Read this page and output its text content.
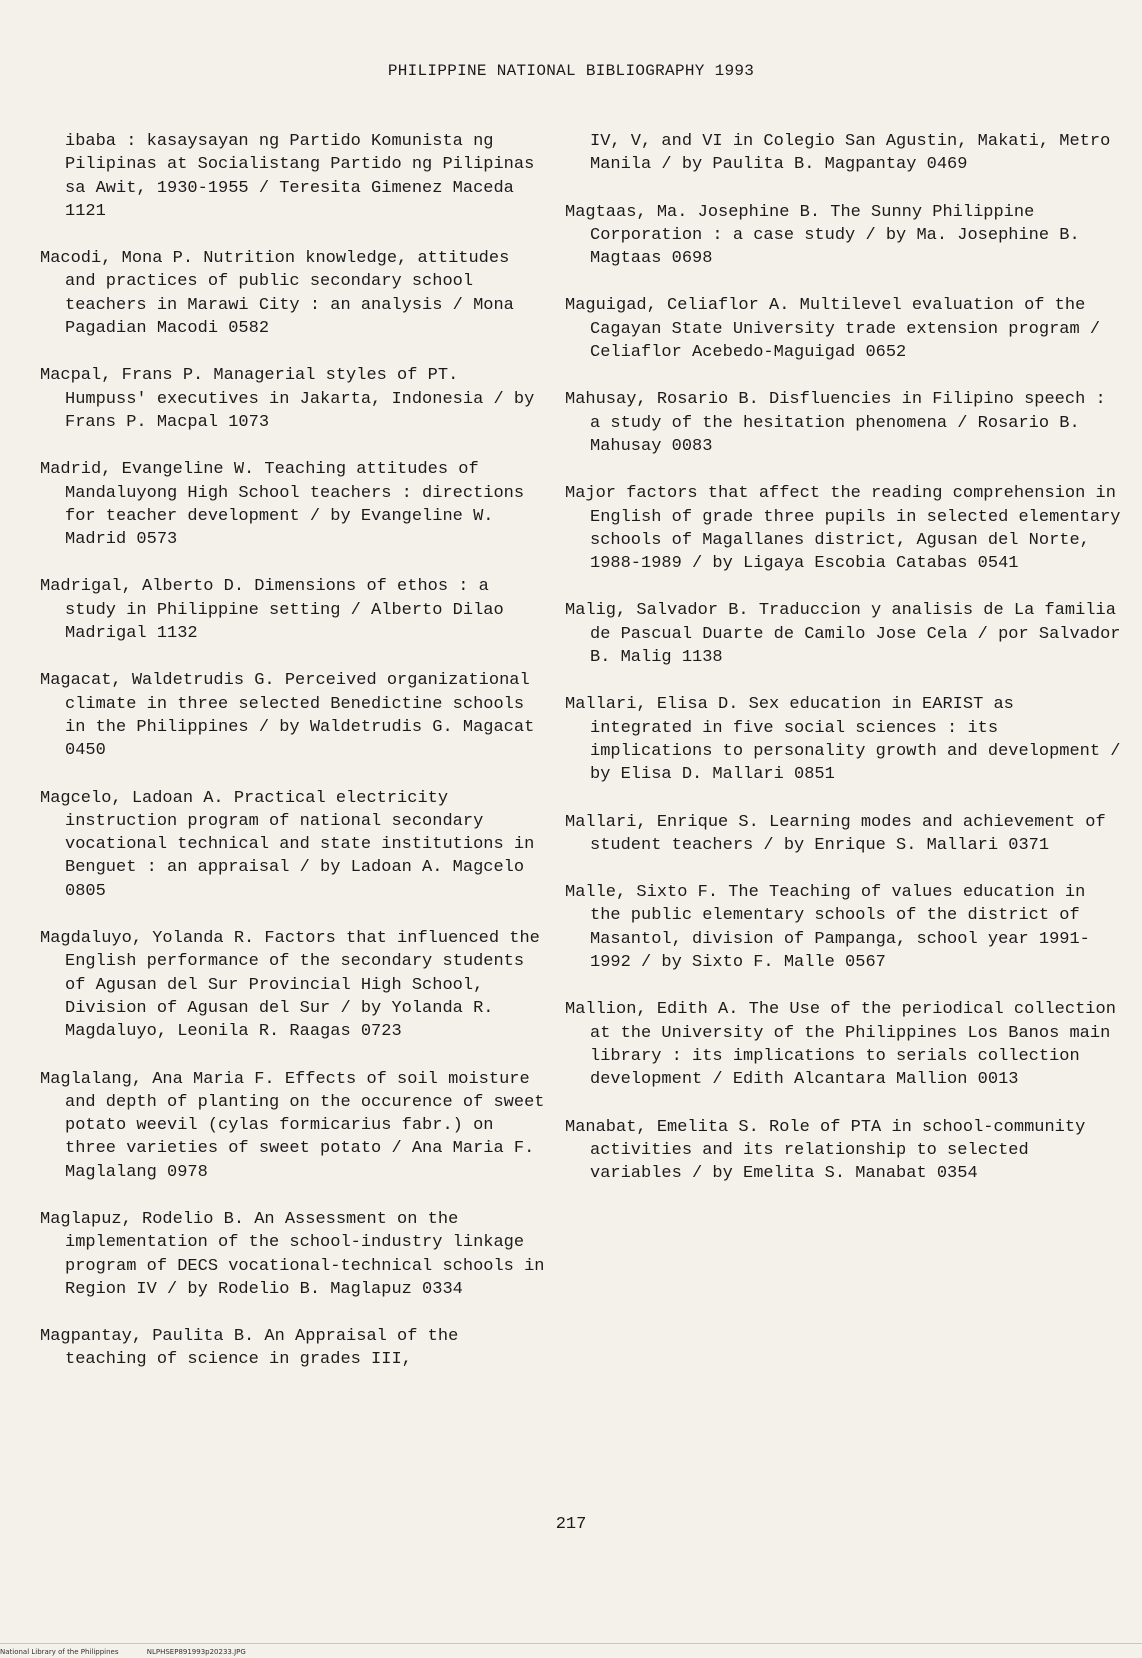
PHILIPPINE NATIONAL BIBLIOGRAPHY 1993

ibaba : kasaysayan ng Partido Komunista ng Pilipinas at Socialistang Partido ng Pilipinas sa Awit, 1930-1955 / Teresita Gimenez Maceda 1121

Macodi, Mona P. Nutrition knowledge, attitudes and practices of public secondary school teachers in Marawi City : an analysis / Mona Pagadian Macodi 0582

Macpal, Frans P. Managerial styles of PT. Humpuss' executives in Jakarta, Indonesia / by Frans P. Macpal 1073

Madrid, Evangeline W. Teaching attitudes of Mandaluyong High School teachers : directions for teacher development / by Evangeline W. Madrid 0573

Madrigal, Alberto D. Dimensions of ethos : a study in Philippine setting / Alberto Dilao Madrigal 1132

Magacat, Waldetrudis G. Perceived organizational climate in three selected Benedictine schools in the Philippines / by Waldetrudis G. Magacat 0450

Magcelo, Ladoan A. Practical electricity instruction program of national secondary vocational technical and state institutions in Benguet : an appraisal / by Ladoan A. Magcelo 0805

Magdaluyo, Yolanda R. Factors that influenced the English performance of the secondary students of Agusan del Sur Provincial High School, Division of Agusan del Sur / by Yolanda R. Magdaluyo, Leonila R. Raagas 0723

Maglalang, Ana Maria F. Effects of soil moisture and depth of planting on the occurence of sweet potato weevil (cylas formicarius fabr.) on three varieties of sweet potato / Ana Maria F. Maglalang 0978

Maglapuz, Rodelio B. An Assessment on the implementation of the school-industry linkage program of DECS vocational-technical schools in Region IV / by Rodelio B. Maglapuz 0334

Magpantay, Paulita B. An Appraisal of the teaching of science in grades III,

IV, V, and VI in Colegio San Agustin, Makati, Metro Manila / by Paulita B. Magpantay 0469

Magtaas, Ma. Josephine B. The Sunny Philippine Corporation : a case study / by Ma. Josephine B. Magtaas 0698

Maguigad, Celiaflor A. Multilevel evaluation of the Cagayan State University trade extension program / Celiaflor Acebedo-Maguigad 0652

Mahusay, Rosario B. Disfluencies in Filipino speech : a study of the hesitation phenomena / Rosario B. Mahusay 0083

Major factors that affect the reading comprehension in English of grade three pupils in selected elementary schools of Magallanes district, Agusan del Norte, 1988-1989 / by Ligaya Escobia Catabas 0541

Malig, Salvador B. Traduccion y analisis de La familia de Pascual Duarte de Camilo Jose Cela / por Salvador B. Malig 1138

Mallari, Elisa D. Sex education in EARIST as integrated in five social sciences : its implications to personality growth and development / by Elisa D. Mallari 0851

Mallari, Enrique S. Learning modes and achievement of student teachers / by Enrique S. Mallari 0371

Malle, Sixto F. The Teaching of values education in the public elementary schools of the district of Masantol, division of Pampanga, school year 1991-1992 / by Sixto F. Malle 0567

Mallion, Edith A. The Use of the periodical collection at the University of the Philippines Los Banos main library : its implications to serials collection development / Edith Alcantara Mallion 0013

Manabat, Emelita S. Role of PTA in school-community activities and its relationship to selected variables / by Emelita S. Manabat 0354

217
National Library of the Philippines	NLPHSEP891993p20233.JPG
